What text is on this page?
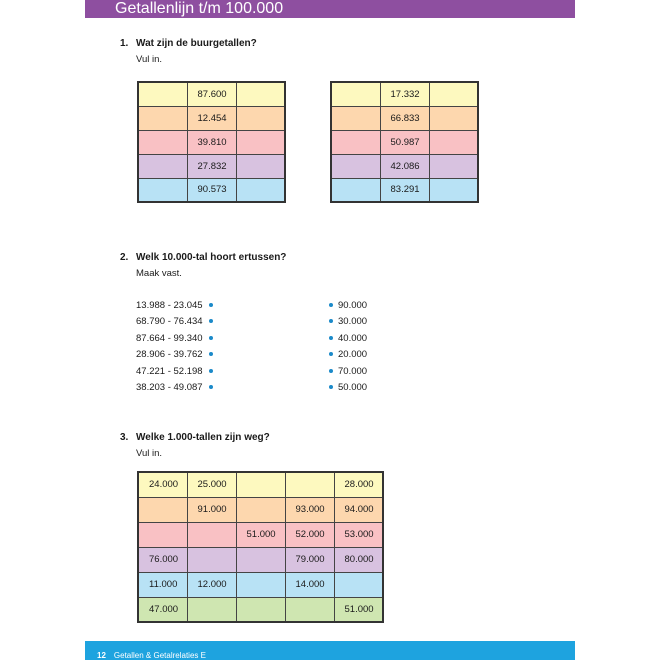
Getallenlijn t/m 100.000
1. Wat zijn de buurgetallen?
Vul in.
	87.600	
	12.454	
	39.810	
	27.832	
	90.573	
	17.332	
	66.833	
	50.987	
	42.086	
	83.291	
2. Welk 10.000-tal hoort ertussen?
Maak vast.
13.988 - 23.045
68.790 - 76.434
87.664 - 99.340
28.906 - 39.762
47.221 - 52.198
38.203 - 49.087
90.000
30.000
40.000
20.000
70.000
50.000
3. Welke 1.000-tallen zijn weg?
Vul in.
24.000	25.000			28.000
	91.000		93.000	94.000
		51.000	52.000	53.000
76.000			79.000	80.000
11.000	12.000		14.000	
47.000				51.000
12 Getallen & Getalrelaties E
